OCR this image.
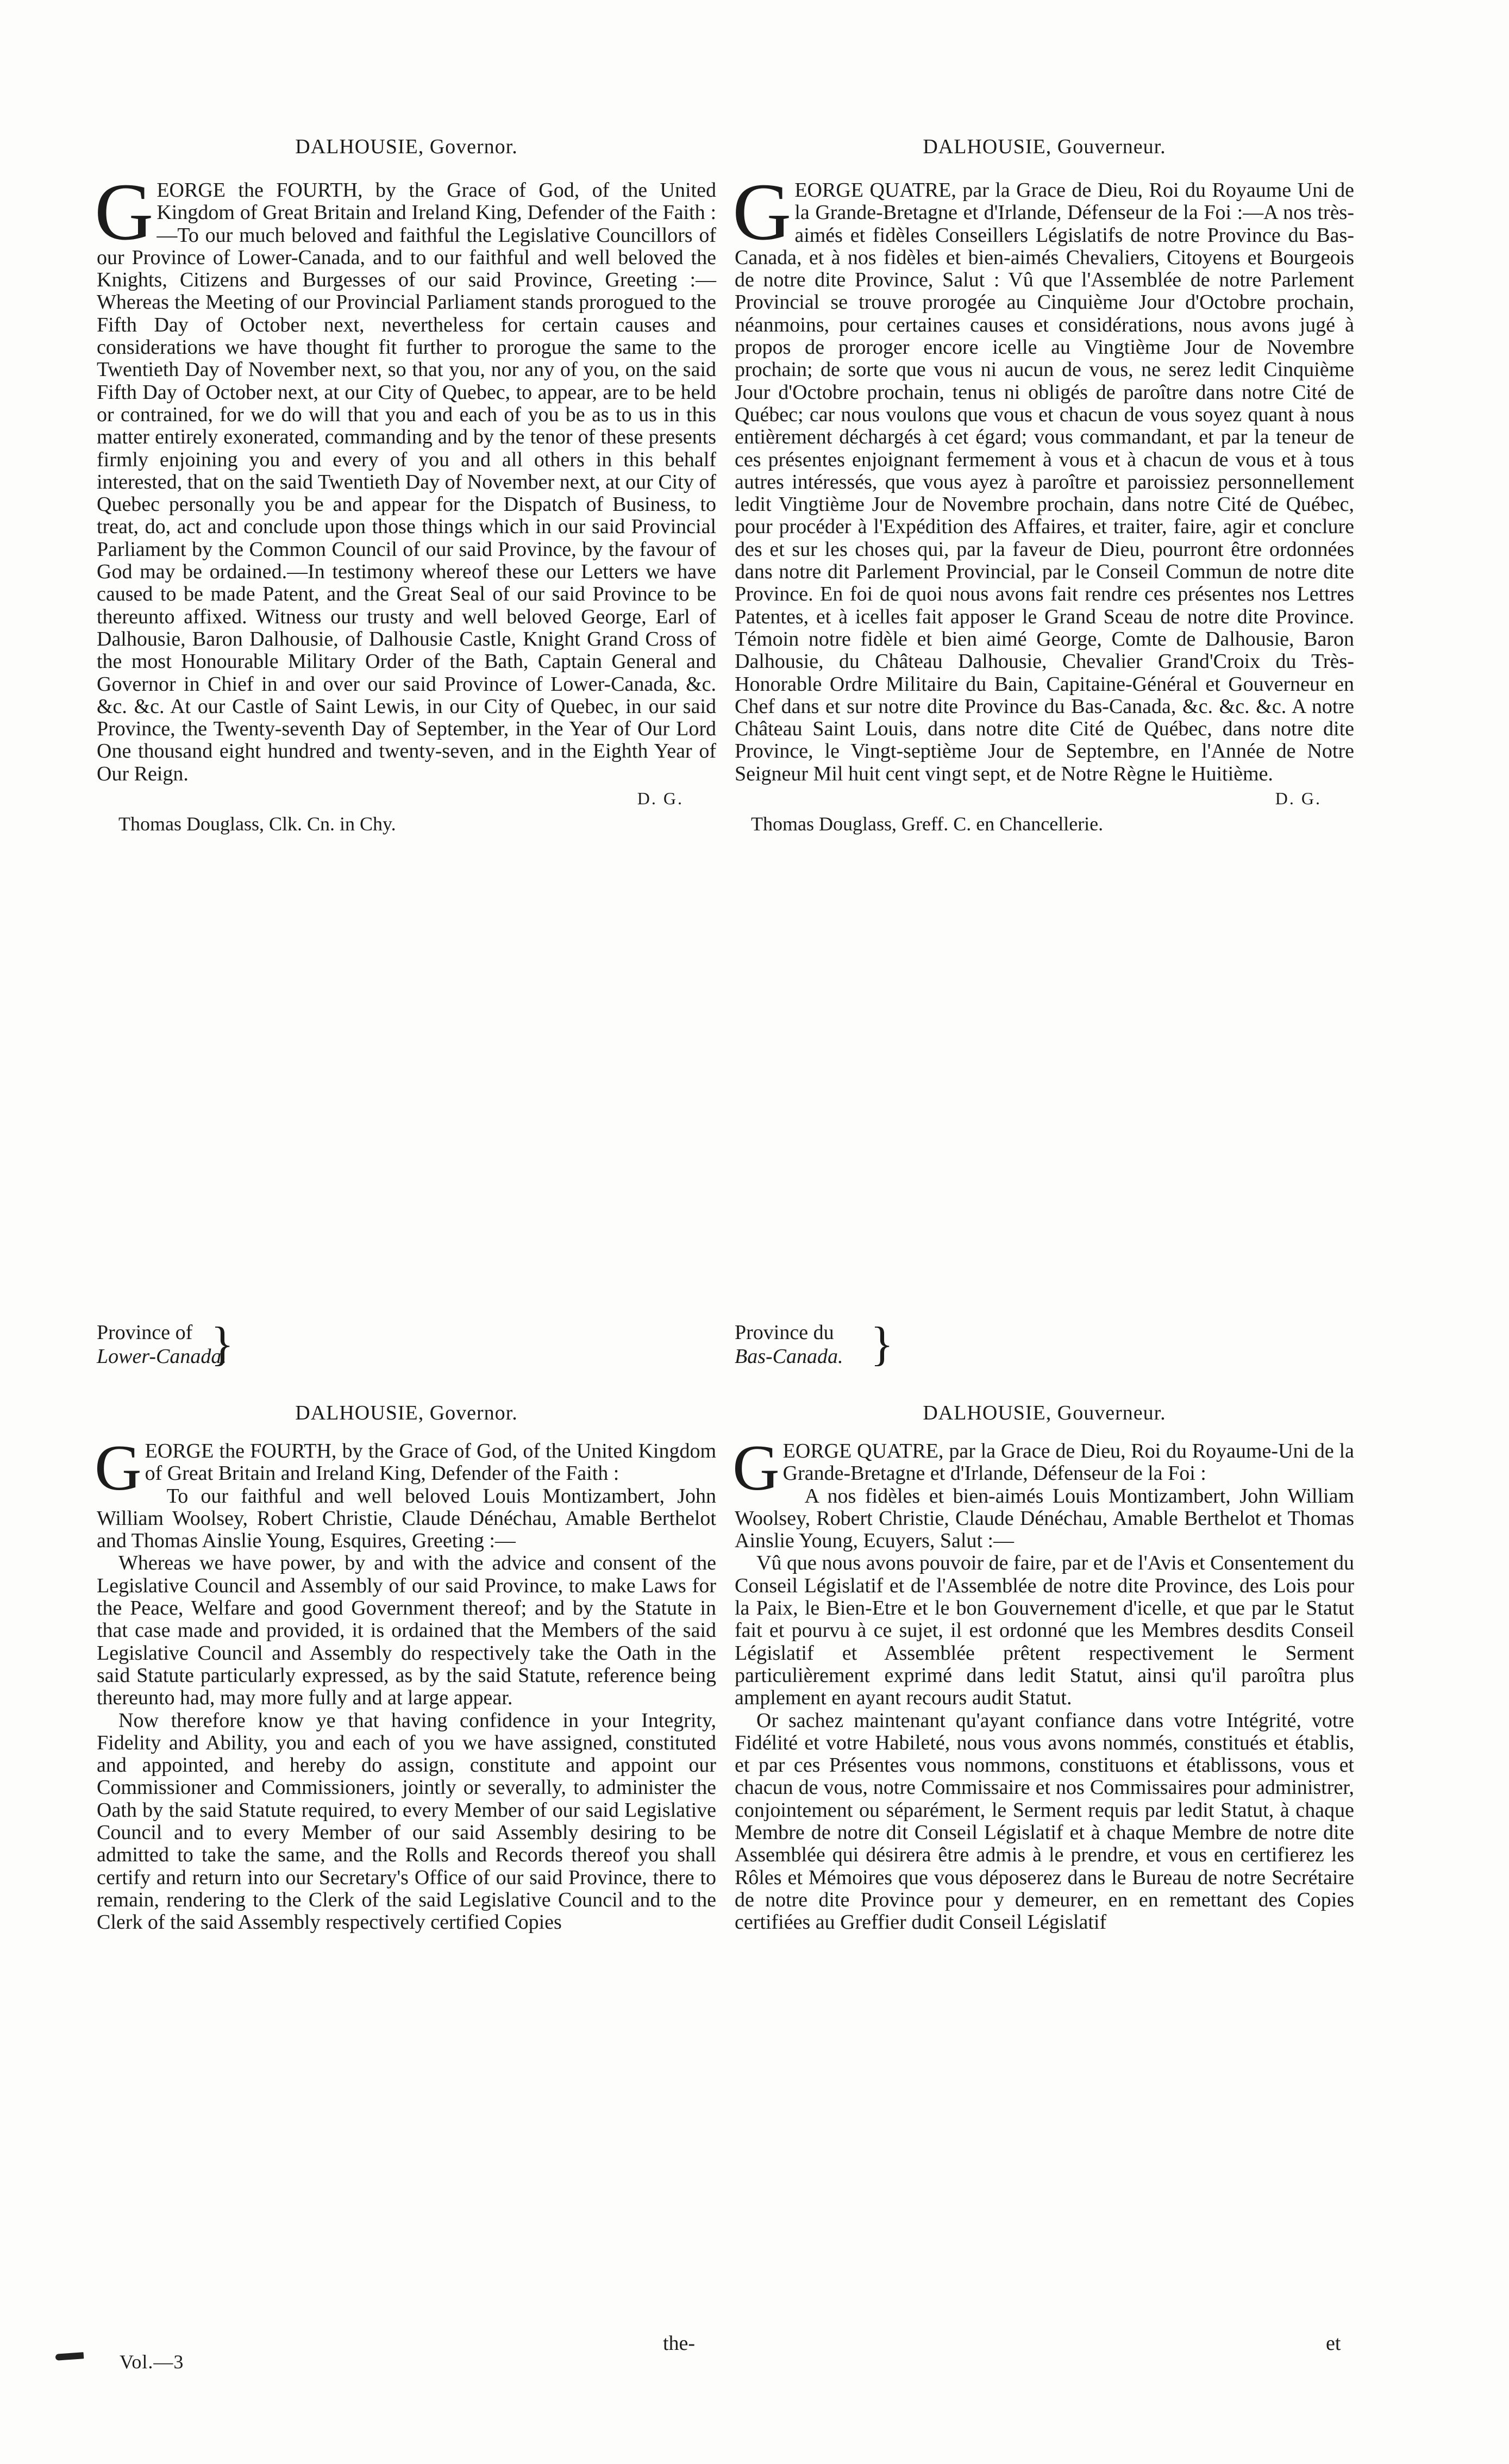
DALHOUSIE, Governor.

GEORGE the FOURTH, by the Grace of God, of the United Kingdom of Great Britain and Ireland King, Defender of the Faith :—To our much beloved and faithful the Legislative Councillors of our Province of Lower-Canada, and to our faithful and well beloved the Knights, Citizens and Burgesses of our said Province, Greeting :—Whereas the Meeting of our Provincial Parliament stands prorogued to the Fifth Day of October next, nevertheless for certain causes and considerations we have thought fit further to prorogue the same to the Twentieth Day of November next, so that you, nor any of you, on the said Fifth Day of October next, at our City of Quebec, to appear, are to be held or contrained, for we do will that you and each of you be as to us in this matter entirely exonerated, commanding and by the tenor of these presents firmly enjoining you and every of you and all others in this behalf interested, that on the said Twentieth Day of November next, at our City of Quebec personally you be and appear for the Dispatch of Business, to treat, do, act and conclude upon those things which in our said Provincial Parliament by the Common Council of our said Province, by the favour of God may be ordained.—In testimony whereof these our Letters we have caused to be made Patent, and the Great Seal of our said Province to be thereunto affixed. Witness our trusty and well beloved George, Earl of Dalhousie, Baron Dalhousie, of Dalhousie Castle, Knight Grand Cross of the most Honourable Military Order of the Bath, Captain General and Governor in Chief in and over our said Province of Lower-Canada, &c. &c. &c. At our Castle of Saint Lewis, in our City of Quebec, in our said Province, the Twenty-seventh Day of September, in the Year of Our Lord One thousand eight hundred and twenty-seven, and in the Eighth Year of Our Reign.

D. G.
Thomas Douglass, Clk. Cn. in Chy.
Province of
Lower-Canada.
}
DALHOUSIE, Governor.

GEORGE the FOURTH, by the Grace of God, of the United Kingdom of Great Britain and Ireland King, Defender of the Faith :

To our faithful and well beloved Louis Montizambert, John William Woolsey, Robert Christie, Claude Dénéchau, Amable Berthelot and Thomas Ainslie Young, Esquires, Greeting :—

Whereas we have power, by and with the advice and consent of the Legislative Council and Assembly of our said Province, to make Laws for the Peace, Welfare and good Government thereof; and by the Statute in that case made and provided, it is ordained that the Members of the said Legislative Council and Assembly do respectively take the Oath in the said Statute particularly expressed, as by the said Statute, reference being thereunto had, may more fully and at large appear.

Now therefore know ye that having confidence in your Integrity, Fidelity and Ability, you and each of you we have assigned, constituted and appointed, and hereby do assign, constitute and appoint our Commissioner and Commissioners, jointly or severally, to administer the Oath by the said Statute required, to every Member of our said Legislative Council and to every Member of our said Assembly desiring to be admitted to take the same, and the Rolls and Records thereof you shall certify and return into our Secretary's Office of our said Province, there to remain, rendering to the Clerk of the said Legislative Council and to the Clerk of the said Assembly respectively certified Copies

DALHOUSIE, Gouverneur.

GEORGE QUATRE, par la Grace de Dieu, Roi du Royaume Uni de la Grande-Bretagne et d'Irlande, Défenseur de la Foi :—A nos très-aimés et fidèles Conseillers Législatifs de notre Province du Bas-Canada, et à nos fidèles et bien-aimés Chevaliers, Citoyens et Bourgeois de notre dite Province, Salut : Vû que l'Assemblée de notre Parlement Provincial se trouve prorogée au Cinquième Jour d'Octobre prochain, néanmoins, pour certaines causes et considérations, nous avons jugé à propos de proroger encore icelle au Vingtième Jour de Novembre prochain; de sorte que vous ni aucun de vous, ne serez ledit Cinquième Jour d'Octobre prochain, tenus ni obligés de paroître dans notre Cité de Québec; car nous voulons que vous et chacun de vous soyez quant à nous entièrement déchargés à cet égard; vous commandant, et par la teneur de ces présentes enjoignant fermement à vous et à chacun de vous et à tous autres intéressés, que vous ayez à paroître et paroissiez personnellement ledit Vingtième Jour de Novembre prochain, dans notre Cité de Québec, pour procéder à l'Expédition des Affaires, et traiter, faire, agir et conclure des et sur les choses qui, par la faveur de Dieu, pourront être ordonnées dans notre dit Parlement Provincial, par le Conseil Commun de notre dite Province. En foi de quoi nous avons fait rendre ces présentes nos Lettres Patentes, et à icelles fait apposer le Grand Sceau de notre dite Province. Témoin notre fidèle et bien aimé George, Comte de Dalhousie, Baron Dalhousie, du Château Dalhousie, Chevalier Grand'Croix du Très-Honorable Ordre Militaire du Bain, Capitaine-Général et Gouverneur en Chef dans et sur notre dite Province du Bas-Canada, &c. &c. &c. A notre Château Saint Louis, dans notre dite Cité de Québec, dans notre dite Province, le Vingt-septième Jour de Septembre, en l'Année de Notre Seigneur Mil huit cent vingt sept, et de Notre Règne le Huitième.

D. G.
Thomas Douglass, Greff. C. en Chancellerie.
Province du
Bas-Canada. }
DALHOUSIE, Gouverneur.

GEORGE QUATRE, par la Grace de Dieu, Roi du Royaume-Uni de la Grande-Bretagne et d'Irlande, Défenseur de la Foi :

A nos fidèles et bien-aimés Louis Montizambert, John William Woolsey, Robert Christie, Claude Dénéchau, Amable Berthelot et Thomas Ainslie Young, Ecuyers, Salut :—

Vû que nous avons pouvoir de faire, par et de l'Avis et Consentement du Conseil Législatif et de l'Assemblée de notre dite Province, des Lois pour la Paix, le Bien-Etre et le bon Gouvernement d'icelle, et que par le Statut fait et pourvu à ce sujet, il est ordonné que les Membres desdits Conseil Législatif et Assemblée prêtent respectivement le Serment particulièrement exprimé dans ledit Statut, ainsi qu'il paroîtra plus amplement en ayant recours audit Statut.

Or sachez maintenant qu'ayant confiance dans votre Intégrité, votre Fidélité et votre Habileté, nous vous avons nommés, constitués et établis, et par ces Présentes vous nommons, constituons et établissons, vous et chacun de vous, notre Commissaire et nos Commissaires pour administrer, conjointement ou séparément, le Serment requis par ledit Statut, à chaque Membre de notre dit Conseil Législatif et à chaque Membre de notre dite Assemblée qui désirera être admis à le prendre, et vous en certifierez les Rôles et Mémoires que vous déposerez dans le Bureau de notre Secrétaire de notre dite Province pour y demeurer, en en remettant des Copies certifiées au Greffier dudit Conseil Législatif

the-	et
Vol.—3
